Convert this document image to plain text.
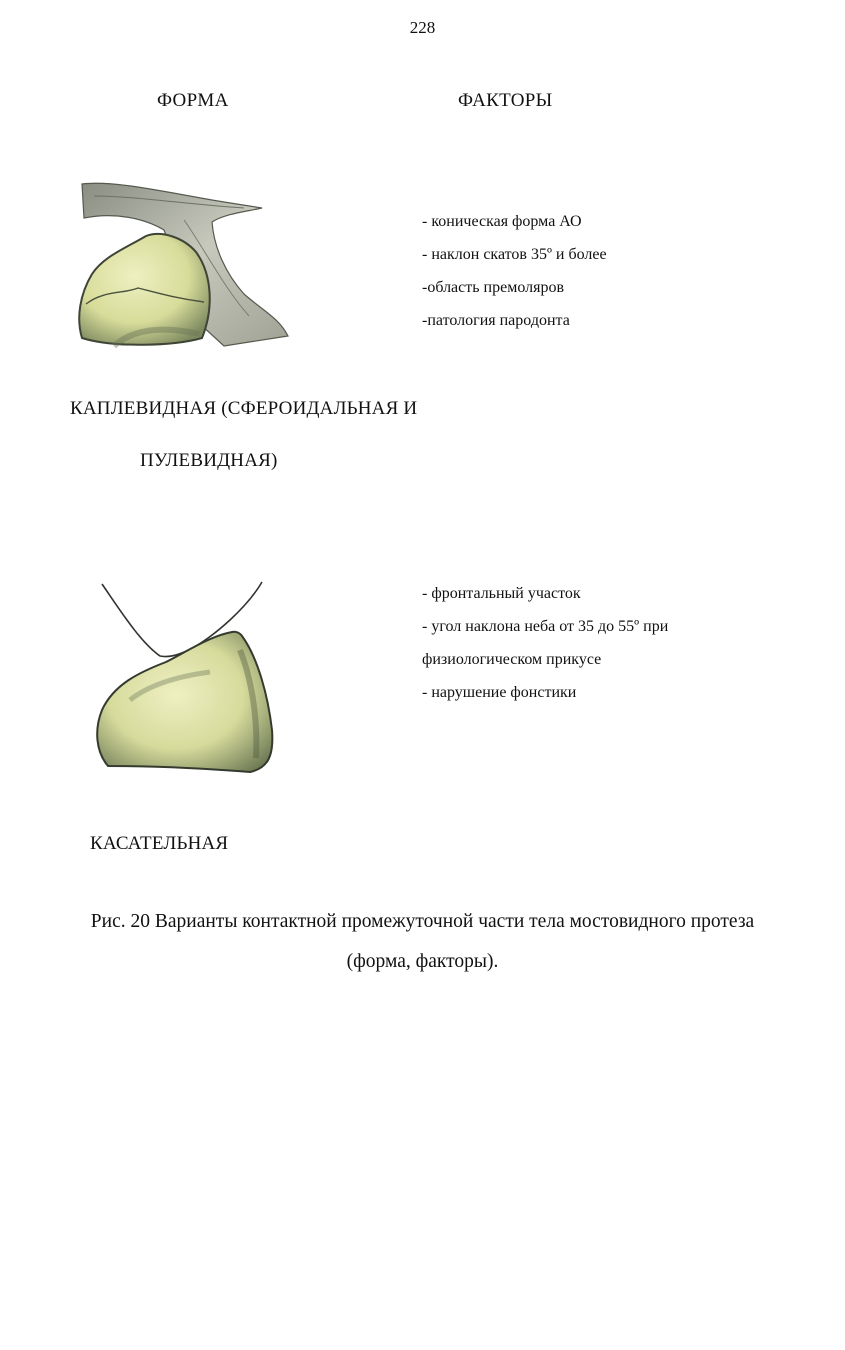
228
ФОРМА	ФАКТОРЫ
- коническая форма АО
- наклон скатов 35º и более
-область премоляров
-патология пародонта
КАПЛЕВИДНАЯ (СФЕРОИДАЛЬНАЯ И
ПУЛЕВИДНАЯ)
- фронтальный участок
- угол наклона неба от 35 до 55º при
физиологическом прикусе
- нарушение фонстики
КАСАТЕЛЬНАЯ
Рис. 20 Варианты контактной промежуточной части тела мостовидного протеза
(форма, факторы).
